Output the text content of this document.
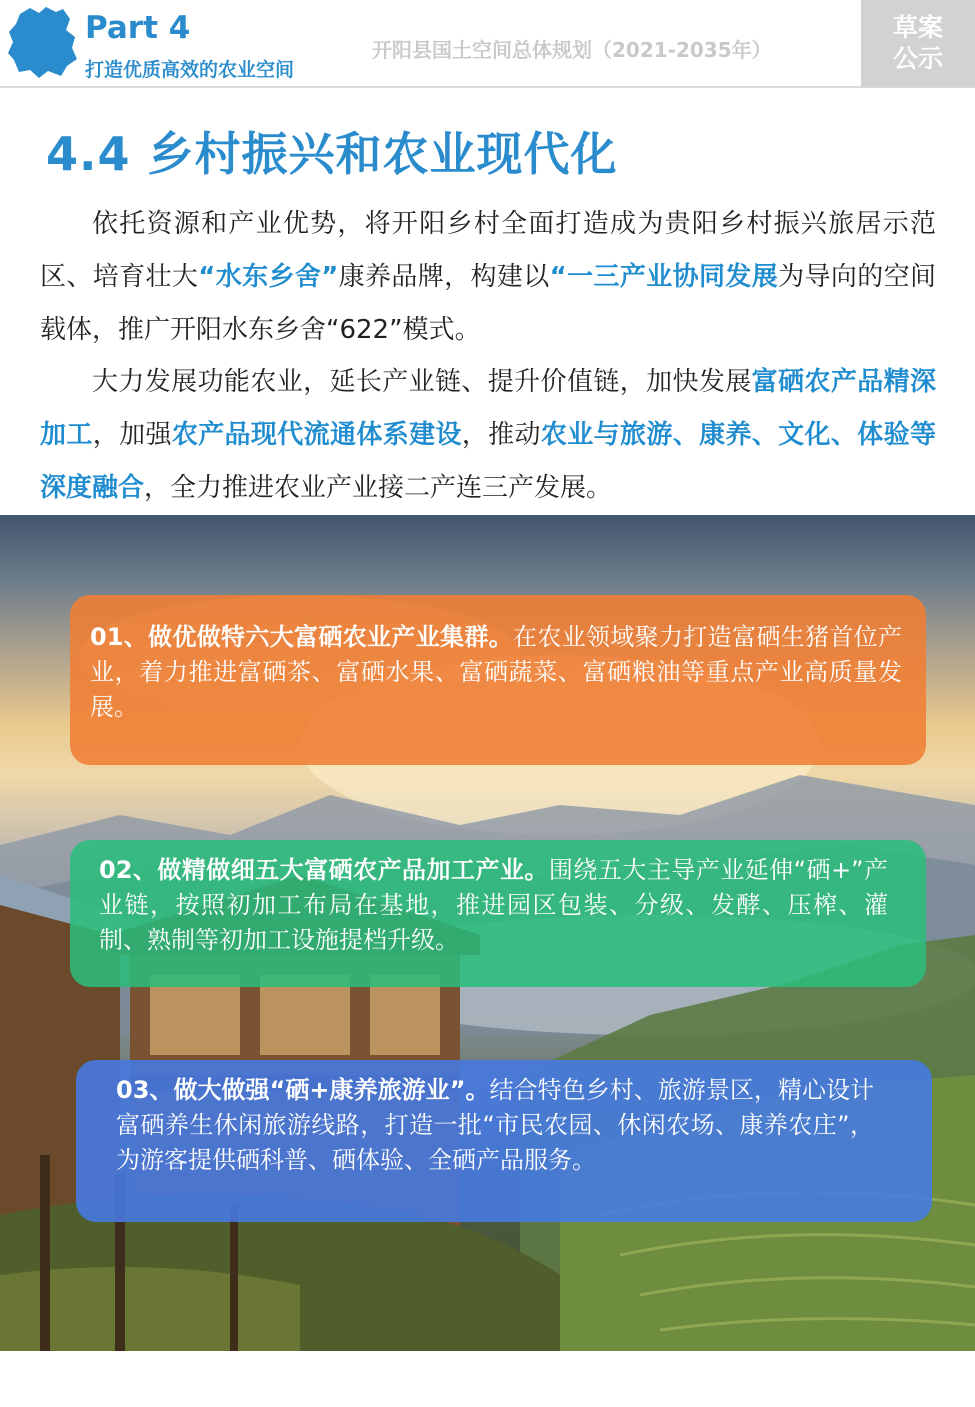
Part 4
打造优质高效的农业空间
开阳县国土空间总体规划（2021-2035年）
草案
公示
4.4 乡村振兴和农业现代化

依托资源和产业优势，将开阳乡村全面打造成为贵阳乡村振兴旅居示范区、培育壮大“水东乡舍”康养品牌，构建以“一三产业协同发展为导向的空间载体，推广开阳水东乡舍“622”模式。

大力发展功能农业，延长产业链、提升价值链，加快发展富硒农产品精深加工，加强农产品现代流通体系建设，推动农业与旅游、康养、文化、体验等深度融合，全力推进农业产业接二产连三产发展。

01、做优做特六大富硒农业产业集群。在农业领域聚力打造富硒生猪首位产业，着力推进富硒茶、富硒水果、富硒蔬菜、富硒粮油等重点产业高质量发展。

02、做精做细五大富硒农产品加工产业。围绕五大主导产业延伸“硒+”产业链，按照初加工布局在基地，推进园区包装、分级、发酵、压榨、灌制、熟制等初加工设施提档升级。

03、做大做强“硒+康养旅游业”。结合特色乡村、旅游景区，精心设计富硒养生休闲旅游线路，打造一批“市民农园、休闲农场、康养农庄”，为游客提供硒科普、硒体验、全硒产品服务。
